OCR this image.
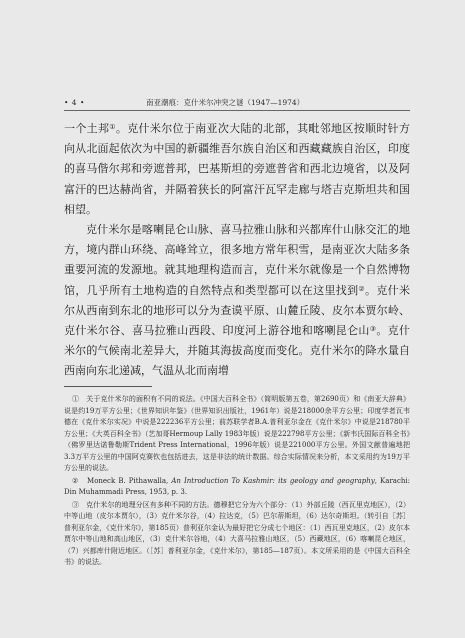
• 4 •	南亚潮痕：克什米尔冲突之谜（1947—1974）

一个土邦①。克什米尔位于南亚次大陆的北部，其毗邻地区按顺时针方向从北面起依次为中国的新疆维吾尔族自治区和西藏藏族自治区，印度的喜马偕尔邦和旁遮普邦，巴基斯坦的旁遮普省和西北边境省，以及阿富汗的巴达赫尚省，并隔着狭长的阿富汗瓦罕走廊与塔吉克斯坦共和国相望。

克什米尔是喀喇昆仑山脉、喜马拉雅山脉和兴都库什山脉交汇的地方，境内群山环绕、高峰耸立，很多地方常年积雪，是南亚次大陆多条重要河流的发源地。就其地理构造而言，克什米尔就像是一个自然博物馆，几乎所有土地构造的自然特点和类型都可以在这里找到②。克什米尔从西南到东北的地形可以分为查谟平原、山麓丘陵、皮尔本贾尔岭、克什米尔谷、喜马拉雅山西段、印度河上游谷地和喀喇昆仑山③。克什米尔的气候南北差异大，并随其海拔高度而变化。克什米尔的降水量自西南向东北递减，气温从北而南增

①　关于克什米尔的面积有不同的说法。《中国大百科全书》（简明版第五卷，第2690页）和《南亚大辞典》说是约19万平方公里；《世界知识年鉴》（世界知识出版社，1961年）说是218000余平方公里；印度学者瓦韦德在《克什米尔实况》中说是222236平方公里；前苏联学者B.A.普利亚尔金在《克什米尔》中说是218780平方公里；《大英百科全书》（艺加哥Hermoup Lally 1983年版）说是222798平方公里；《新韦氏国际百科全书》（佛罗里达诺鲁勒斯Trident Press International，1996年版）说是221000平方公里。外国文献普遍地把3.3万平方公里的中国阿克赛钦也包括进去，这是非法的统计数据。综合实际情况来分析，本文采用约为19万平方公里的说法。

②　Moneck B. Pithawalla, An Introduction To Kashmir: its geology and geography, Karachi: Din Muhammadi Press, 1953, p. 3.

③　克什米尔的地理分区有多种不同的方法。德穆把它分为六个部分：（1）外部丘陵（西瓦里克地区），（2）中等山地（皮尔本贾尔），（3）克什米尔谷，（4）拉达克，（5）巴尔蒂斯坦，（6）达尔奇斯坦。（转引自［苏］普利亚尔金，《克什米尔》，第185页）普利亚尔金认为最好把它分成七个地区：（1）西瓦里克地区，（2）皮尔本贾尔中等山地和高山地区，（3）克什米尔谷地，（4）大喜马拉雅山地区，（5）西藏地区，（6）喀喇昆仑地区，（7）兴都库什附近地区。（［苏］普利亚尔金，《克什米尔》，第185—187页）。本文所采用的是《中国大百科全书》的说法。
